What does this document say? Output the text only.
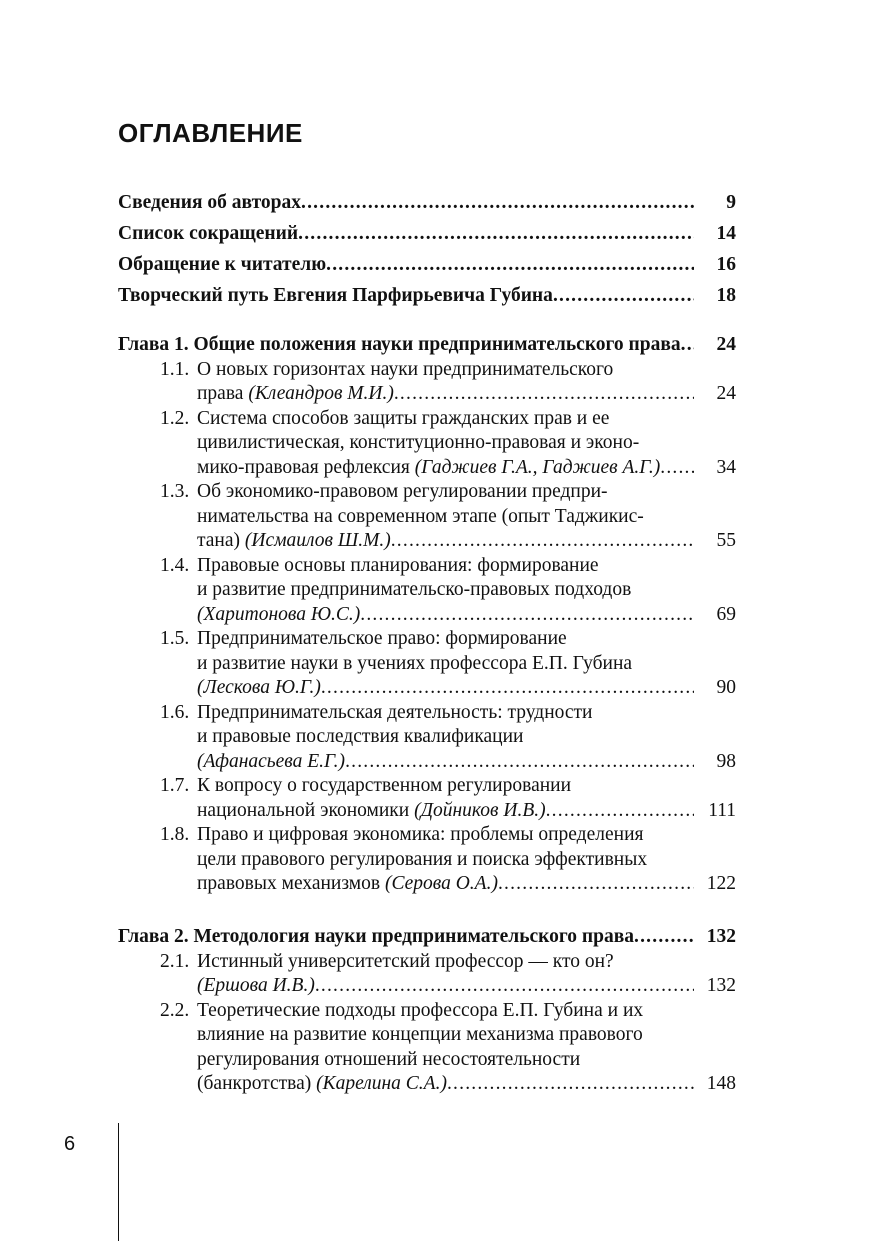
ОГЛАВЛЕНИЕ
Сведения об авторах .....	9
Список сокращений .....	14
Обращение к читателю .....	16
Творческий путь Евгения Парфирьевича Губина .....	18
Глава 1. Общие положения науки предпринимательского права .....	24
1.1. О новых горизонтах науки предпринимательского
права (Клеандров М.И.) .....	24
1.2. Система способов защиты гражданских прав и ее
цивилистическая, конституционно-правовая и эконо-
мико-правовая рефлексия (Гаджиев Г.А., Гаджиев А.Г.) .....	34
1.3. Об экономико-правовом регулировании предпри-
нимательства на современном этапе (опыт Таджикис-
тана) (Исмаилов Ш.М.) .....	55
1.4. Правовые основы планирования: формирование
и развитие предпринимательско-правовых подходов
(Харитонова Ю.С.) .....	69
1.5. Предпринимательское право: формирование
и развитие науки в учениях профессора Е.П. Губина
(Лескова Ю.Г.) .....	90
1.6. Предпринимательская деятельность: трудности
и правовые последствия квалификации
(Афанасьева Е.Г.) .....	98
1.7. К вопросу о государственном регулировании
национальной экономики (Дойников И.В.) .....	111
1.8. Право и цифровая экономика: проблемы определения
цели правового регулирования и поиска эффективных
правовых механизмов (Серова О.А.) .....	122
Глава 2. Методология науки предпринимательского права .....	132
2.1. Истинный университетский профессор — кто он?
(Ершова И.В.) .....	132
2.2. Теоретические подходы профессора Е.П. Губина и их
влияние на развитие концепции механизма правового
регулирования отношений несостоятельности
(банкротства) (Карелина С.А.) .....	148
6
